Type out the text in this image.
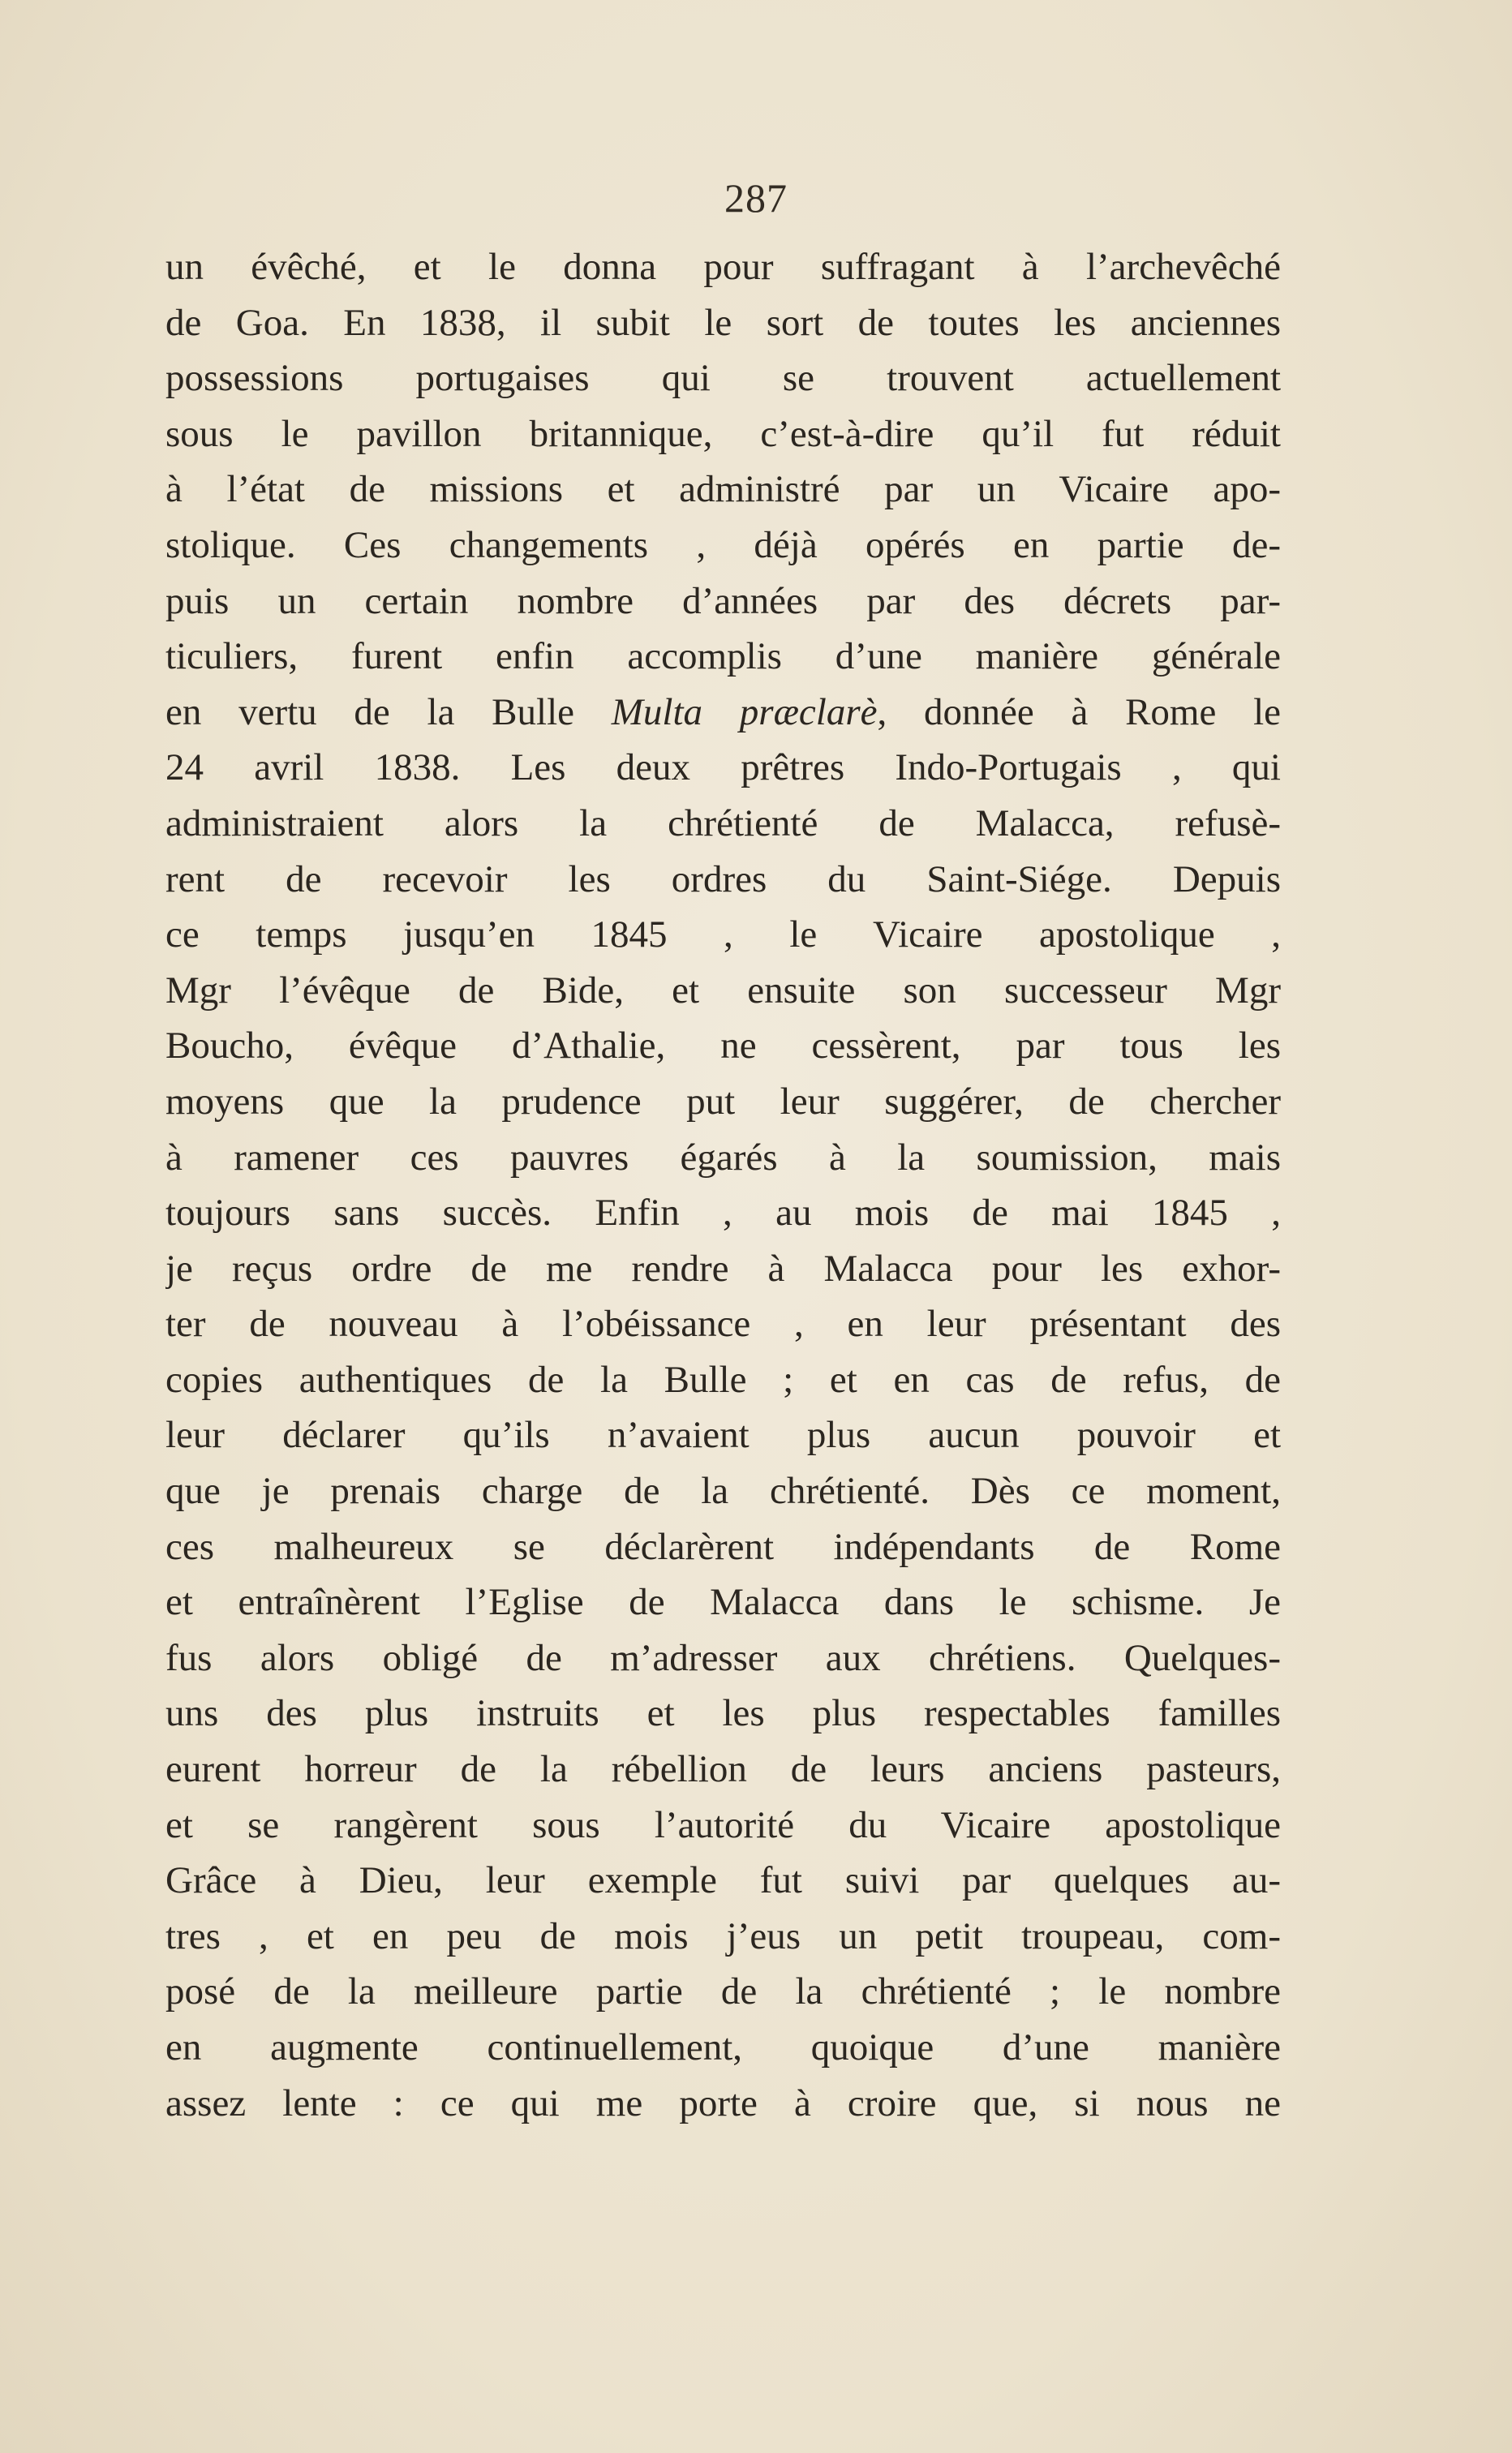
287
un évêché, et le donna pour suffragant à l’archevêché
de Goa. En 1838, il subit le sort de toutes les anciennes
possessions portugaises qui se trouvent actuellement
sous le pavillon britannique, c’est-à-dire qu’il fut réduit
à l’état de missions et administré par un Vicaire apo-
stolique. Ces changements , déjà opérés en partie de-
puis un certain nombre d’années par des décrets par-
ticuliers, furent enfin accomplis d’une manière générale
en vertu de la Bulle Multa præclarè, donnée à Rome le
24 avril 1838. Les deux prêtres Indo-Portugais , qui
administraient alors la chrétienté de Malacca, refusè-
rent de recevoir les ordres du Saint-Siége. Depuis
ce temps jusqu’en 1845 , le Vicaire apostolique ,
Mgr l’évêque de Bide, et ensuite son successeur Mgr
Boucho, évêque d’Athalie, ne cessèrent, par tous les
moyens que la prudence put leur suggérer, de chercher
à ramener ces pauvres égarés à la soumission, mais
toujours sans succès. Enfin , au mois de mai 1845 ,
je reçus ordre de me rendre à Malacca pour les exhor-
ter de nouveau à l’obéissance , en leur présentant des
copies authentiques de la Bulle ; et en cas de refus, de
leur déclarer qu’ils n’avaient plus aucun pouvoir et
que je prenais charge de la chrétienté. Dès ce moment,
ces malheureux se déclarèrent indépendants de Rome
et entraînèrent l’Eglise de Malacca dans le schisme. Je
fus alors obligé de m’adresser aux chrétiens. Quelques-
uns des plus instruits et les plus respectables familles
eurent horreur de la rébellion de leurs anciens pasteurs,
et se rangèrent sous l’autorité du Vicaire apostolique
Grâce à Dieu, leur exemple fut suivi par quelques au-
tres , et en peu de mois j’eus un petit troupeau, com-
posé de la meilleure partie de la chrétienté ; le nombre
en augmente continuellement, quoique d’une manière
assez lente : ce qui me porte à croire que, si nous ne
